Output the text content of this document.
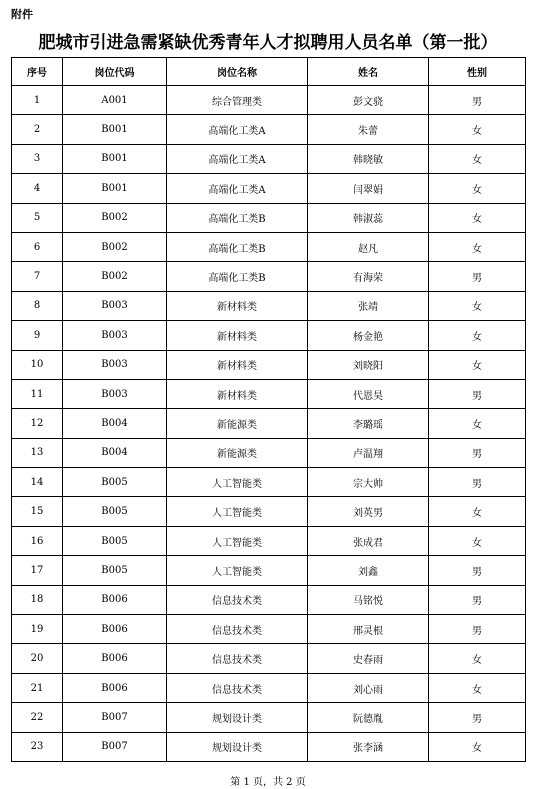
附件
肥城市引进急需紧缺优秀青年人才拟聘用人员名单（第一批）
序号	岗位代码	岗位名称	姓名	性别
1	A001	综合管理类	彭文骁	男
2	B001	高端化工类A	朱蕾	女
3	B001	高端化工类A	韩晓敏	女
4	B001	高端化工类A	闫翠娟	女
5	B002	高端化工类B	韩淑蕊	女
6	B002	高端化工类B	赵凡	女
7	B002	高端化工类B	有海荣	男
8	B003	新材料类	张靖	女
9	B003	新材料类	杨金艳	女
10	B003	新材料类	刘晓阳	女
11	B003	新材料类	代恩昊	男
12	B004	新能源类	李璐瑶	女
13	B004	新能源类	卢温翔	男
14	B005	人工智能类	宗大帅	男
15	B005	人工智能类	刘英男	女
16	B005	人工智能类	张成君	女
17	B005	人工智能类	刘鑫	男
18	B006	信息技术类	马铭悦	男
19	B006	信息技术类	邢灵根	男
20	B006	信息技术类	史春雨	女
21	B006	信息技术类	刘心雨	女
22	B007	规划设计类	阮德胤	男
23	B007	规划设计类	张李涵	女
第 1 页，共 2 页
